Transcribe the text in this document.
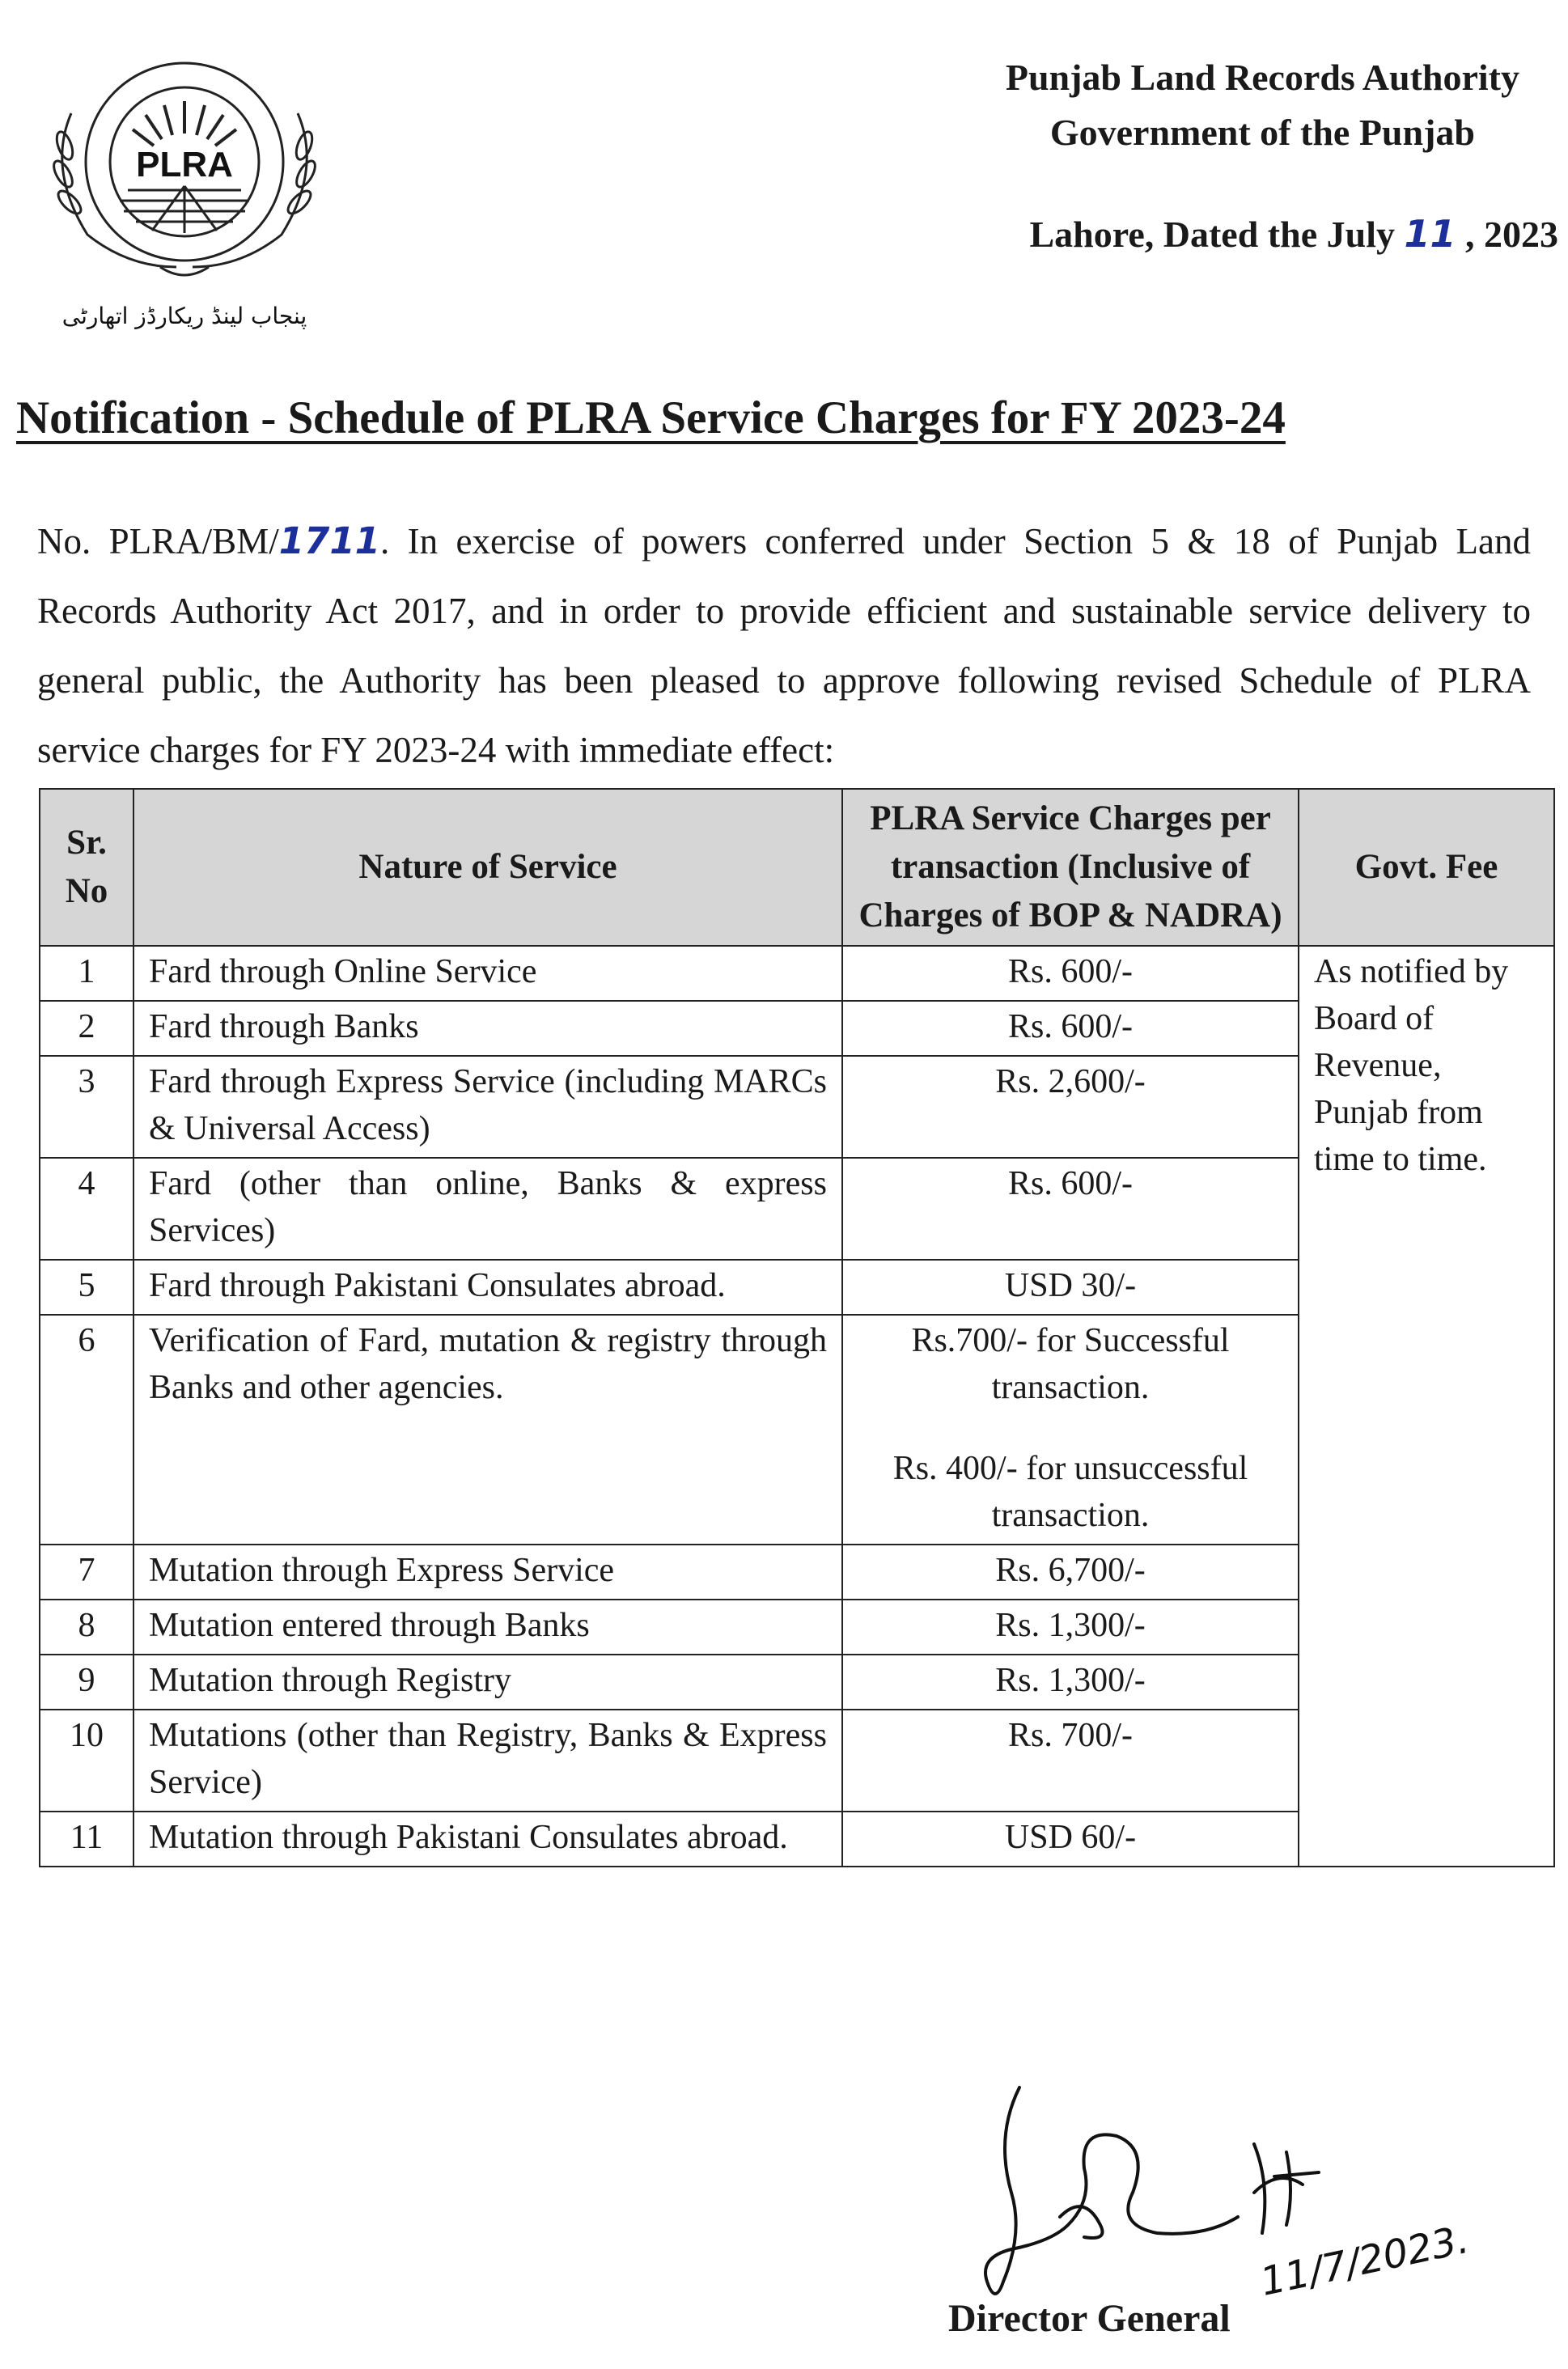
PLRA
پنجاب لینڈ ریکارڈز اتھارٹی
Punjab Land Records Authority
Government of the Punjab
Lahore, Dated the July 11 , 2023
Notification - Schedule of PLRA Service Charges for FY 2023-24
No. PLRA/BM/1711. In exercise of powers conferred under Section 5 & 18 of Punjab Land Records Authority Act 2017, and in order to provide efficient and sustainable service delivery to general public, the Authority has been pleased to approve following revised Schedule of PLRA service charges for FY 2023-24 with immediate effect:
Sr. No	Nature of Service	PLRA Service Charges per transaction (Inclusive of Charges of BOP & NADRA)	Govt. Fee
1	Fard through Online Service	Rs. 600/-	As notified by Board of Revenue, Punjab from time to time.
2	Fard through Banks	Rs. 600/-	
3	Fard through Express Service (including MARCs & Universal Access)	Rs. 2,600/-	
4	Fard (other than online, Banks & express Services)	Rs. 600/-	
5	Fard through Pakistani Consulates abroad.	USD 30/-	
6	Verification of Fard, mutation & registry through Banks and other agencies.	Rs.700/- for Successful transaction.
Rs. 400/- for unsuccessful transaction.	
7	Mutation through Express Service	Rs. 6,700/-	
8	Mutation entered through Banks	Rs. 1,300/-	
9	Mutation through Registry	Rs. 1,300/-	
10	Mutations (other than Registry, Banks & Express Service)	Rs. 700/-	
11	Mutation through Pakistani Consulates abroad.	USD 60/-	
11/7/2023.
Director General
